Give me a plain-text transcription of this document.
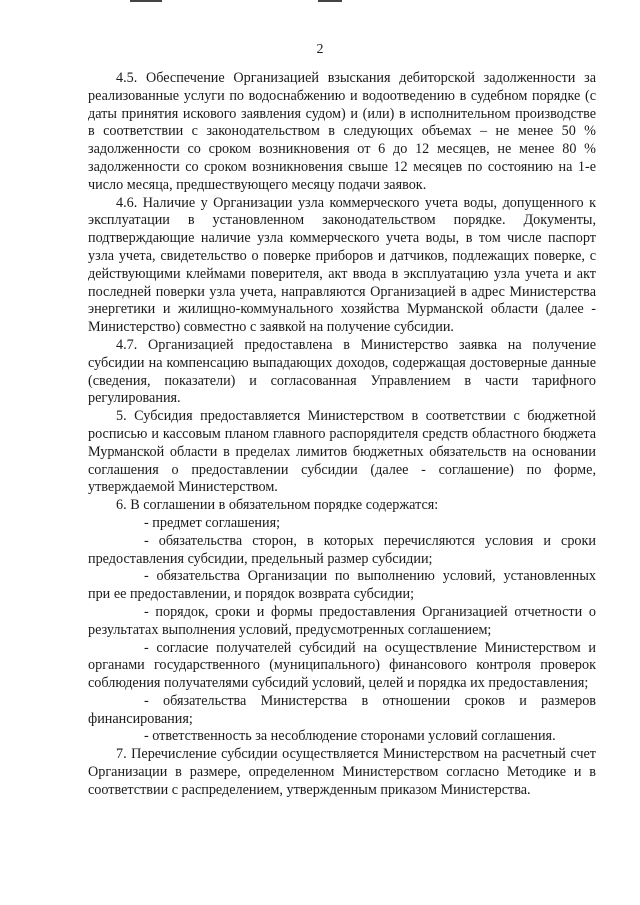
2

4.5. Обеспечение Организацией взыскания дебиторской задолженности за реализованные услуги по водоснабжению и водоотведению в судебном порядке (с даты принятия искового заявления судом) и (или) в исполнительном производстве в соответствии с законодательством в следующих объемах – не менее 50 % задолженности со сроком возникновения от 6 до 12 месяцев, не менее 80 % задолженности со сроком возникновения свыше 12 месяцев по состоянию на 1-е число месяца, предшествующего месяцу подачи заявок.

4.6. Наличие у Организации узла коммерческого учета воды, допущенного к эксплуатации в установленном законодательством порядке. Документы, подтверждающие наличие узла коммерческого учета воды, в том числе паспорт узла учета, свидетельство о поверке приборов и датчиков, подлежащих поверке, с действующими клеймами поверителя, акт ввода в эксплуатацию узла учета и акт последней поверки узла учета, направляются Организацией в адрес Министерства энергетики и жилищно-коммунального хозяйства Мурманской области (далее - Министерство) совместно с заявкой на получение субсидии.

4.7. Организацией предоставлена в Министерство заявка на получение субсидии на компенсацию выпадающих доходов, содержащая достоверные данные (сведения, показатели) и согласованная Управлением в части тарифного регулирования.

5. Субсидия предоставляется Министерством в соответствии с бюджетной росписью и кассовым планом главного распорядителя средств областного бюджета Мурманской области в пределах лимитов бюджетных обязательств на основании соглашения о предоставлении субсидии (далее - соглашение) по форме, утверждаемой Министерством.

6. В соглашении в обязательном порядке содержатся:

- предмет соглашения;

- обязательства сторон, в которых перечисляются условия и сроки предоставления субсидии, предельный размер субсидии;

- обязательства Организации по выполнению условий, установленных при ее предоставлении, и порядок возврата субсидии;

- порядок, сроки и формы предоставления Организацией отчетности о результатах выполнения условий, предусмотренных соглашением;

- согласие получателей субсидий на осуществление Министерством и органами государственного (муниципального) финансового контроля проверок соблюдения получателями субсидий условий, целей и порядка их предоставления;

- обязательства Министерства в отношении сроков и размеров финансирования;

- ответственность за несоблюдение сторонами условий соглашения.

7. Перечисление субсидии осуществляется Министерством на расчетный счет Организации в размере, определенном Министерством согласно Методике и в соответствии с распределением, утвержденным приказом Министерства.
